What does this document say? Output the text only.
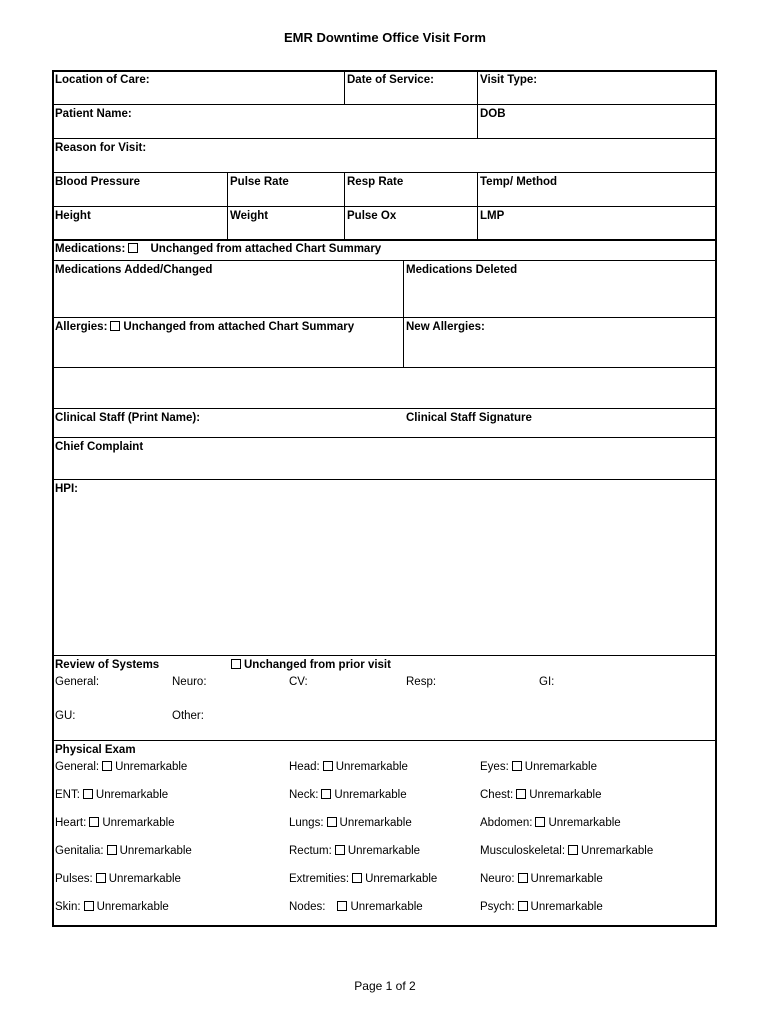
EMR Downtime Office Visit Form
Location of Care:	Date of Service:	Visit Type:
Patient Name:	DOB
Reason for Visit:
Blood Pressure	Pulse Rate	Resp Rate	Temp/ Method
Height	Weight	Pulse Ox	LMP
Medications: Unchanged from attached Chart Summary
Medications Added/Changed	Medications Deleted
Allergies: Unchanged from attached Chart Summary	New Allergies:
Clinical Staff (Print Name):	Clinical Staff Signature
Chief Complaint
HPI:
Review of Systems	Unchanged from prior visit
General:	Neuro:	CV:	Resp:	GI:
GU:	Other:
Physical Exam
General: Unremarkable	Head: Unremarkable	Eyes: Unremarkable
ENT: Unremarkable	Neck: Unremarkable	Chest: Unremarkable
Heart: Unremarkable	Lungs: Unremarkable	Abdomen: Unremarkable
Genitalia: Unremarkable	Rectum: Unremarkable	Musculoskeletal: Unremarkable
Pulses: Unremarkable	Extremities: Unremarkable	Neuro: Unremarkable
Skin: Unremarkable	Nodes: Unremarkable	Psych: Unremarkable
Page 1 of 2
